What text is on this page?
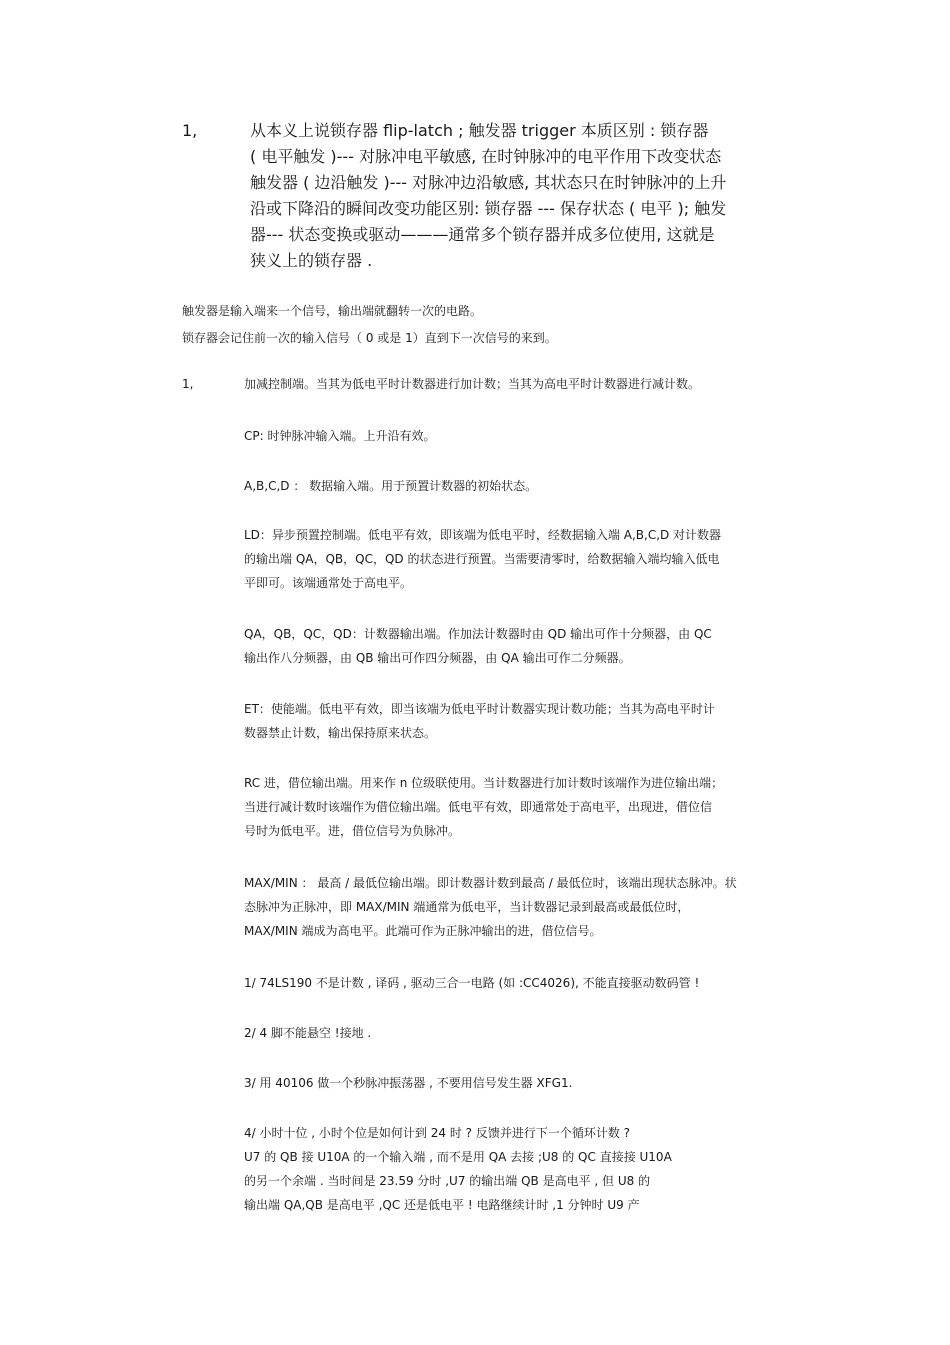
1,	从本义上说锁存器 flip-latch ; 触发器 trigger 本质区别 : 锁存器
( 电平触发 )--- 对脉冲电平敏感, 在时钟脉冲的电平作用下改变状态
触发器 ( 边沿触发 )--- 对脉冲边沿敏感, 其状态只在时钟脉冲的上升
沿或下降沿的瞬间改变功能区别: 锁存器 --- 保存状态 ( 电平 ); 触发
器--- 状态变换或驱动———通常多个锁存器并成多位使用, 这就是
狭义上的锁存器 .
触发器是输入端来一个信号，输出端就翻转一次的电路。
锁存器会记住前一次的输入信号（ 0 或是 1）直到下一次信号的来到。
1,	加减控制端。当其为低电平时计数器进行加计数；当其为高电平时计数器进行减计数。
CP: 时钟脉冲输入端。上升沿有效。
A,B,C,D ： 数据输入端。用于预置计数器的初始状态。
LD：异步预置控制端。低电平有效，即该端为低电平时，经数据输入端 A,B,C,D 对计数器
的输出端 QA，QB，QC，QD 的状态进行预置。当需要清零时，给数据输入端均输入低电
平即可。该端通常处于高电平。
QA，QB，QC，QD：计数器输出端。作加法计数器时由 QD 输出可作十分频器，由 QC
输出作八分频器，由 QB 输出可作四分频器，由 QA 输出可作二分频器。
ET：使能端。低电平有效，即当该端为低电平时计数器实现计数功能；当其为高电平时计
数器禁止计数，输出保持原来状态。
RC 进，借位输出端。用来作 n 位级联使用。当计数器进行加计数时该端作为进位输出端；
当进行减计数时该端作为借位输出端。低电平有效，即通常处于高电平，出现进，借位信
号时为低电平。进，借位信号为负脉冲。
MAX/MIN ： 最高 / 最低位输出端。即计数器计数到最高 / 最低位时，该端出现状态脉冲。状
态脉冲为正脉冲，即 MAX/MIN 端通常为低电平，当计数器记录到最高或最低位时，
MAX/MIN 端成为高电平。此端可作为正脉冲输出的进，借位信号。
1/ 74LS190 不是计数 , 译码 , 驱动三合一电路 (如 :CC4026), 不能直接驱动数码管 !
2/ 4 脚不能悬空 !接地 .
3/ 用 40106 做一个秒脉冲振荡器 , 不要用信号发生器 XFG1.
4/ 小时十位 , 小时个位是如何计到 24 时 ? 反馈并进行下一个循环计数 ?
U7 的 QB 接 U10A 的一个输入端 , 而不是用 QA 去接 ;U8 的 QC 直接接 U10A
的另一个余端 . 当时间是 23.59 分时 ,U7 的输出端 QB 是高电平 , 但 U8 的
输出端 QA,QB 是高电平 ,QC 还是低电平 ! 电路继续计时 ,1 分钟时 U9 产
